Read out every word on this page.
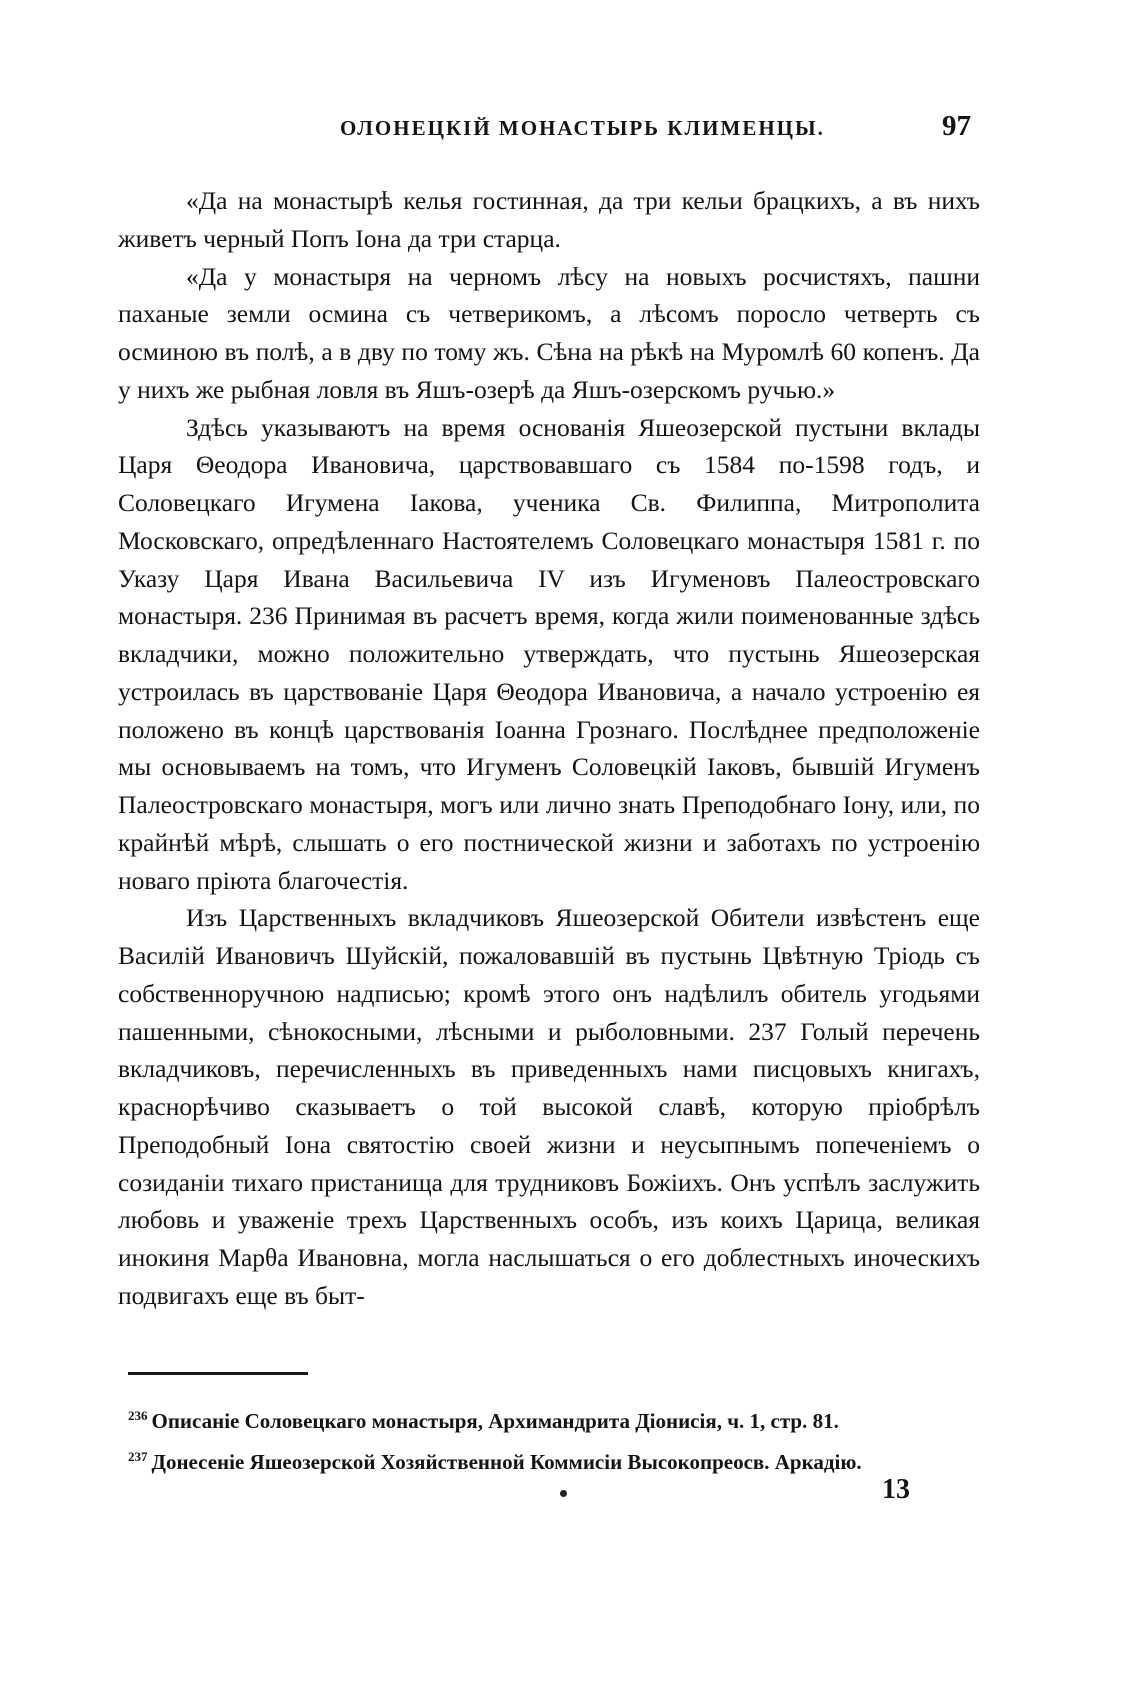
ОЛОНЕЦКІЙ МОНАСТЫРЬ КЛИМЕНЦЫ.	97

«Да на монастырѣ келья гостинная, да три кельи брацкихъ, а въ нихъ живетъ черный Попъ Іона да три старца.

«Да у монастыря на черномъ лѣсу на новыхъ росчистяхъ, пашни паханые земли осмина съ четверикомъ, а лѣсомъ поросло четверть съ осминою въ полѣ, а в дву по тому жъ. Сѣна на рѣкѣ на Муромлѣ 60 копенъ. Да у нихъ же рыбная ловля въ Яшъ-озерѣ да Яшъ-озерскомъ ручью.»

Здѣсь указываютъ на время основанія Яшеозерской пустыни вклады Царя Θеодора Ивановича, царствовавшаго съ 1584 по-1598 годъ, и Соловецкаго Игумена Іакова, ученика Св. Филиппа, Митрополита Московскаго, опредѣленнаго Настоятелемъ Соловецкаго монастыря 1581 г. по Указу Царя Ивана Васильевича IV изъ Игуменовъ Палеостровскаго монастыря. 236 Принимая въ расчетъ время, когда жили поименованные здѣсь вкладчики, можно положительно утверждать, что пустынь Яшеозерская устроилась въ царствованіе Царя Θеодора Ивановича, а начало устроенію ея положено въ концѣ царствованія Іоанна Грознаго. Послѣднее предположеніе мы основываемъ на томъ, что Игуменъ Соловецкій Іаковъ, бывшій Игуменъ Палеостровскаго монастыря, могъ или лично знать Преподобнаго Іону, или, по крайнѣй мѣрѣ, слышать о его постнической жизни и заботахъ по устроенію новаго пріюта благочестія.

Изъ Царственныхъ вкладчиковъ Яшеозерской Обители извѣстенъ еще Василій Ивановичъ Шуйскій, пожаловавшій въ пустынь Цвѣтную Тріодь съ собственноручною надписью; кромѣ этого онъ надѣлилъ обитель угодьями пашенными, сѣнокосными, лѣсными и рыболовными. 237 Голый перечень вкладчиковъ, перечисленныхъ въ приведенныхъ нами писцовыхъ книгахъ, краснорѣчиво сказываетъ о той высокой славѣ, которую пріобрѣлъ Преподобный Іона святостію своей жизни и неусыпнымъ попеченіемъ о созиданіи тихаго пристанища для трудниковъ Божіихъ. Онъ успѣлъ заслужить любовь и уваженіе трехъ Царственныхъ особъ, изъ коихъ Царица, великая инокиня Марθа Ивановна, могла наслышаться о его доблестныхъ иноческихъ подвигахъ еще въ быт-

$^{236}$ Описаніе Соловецкаго монастыря, Архимандрита Діонисія, ч. 1, стр. 81.

$^{237}$ Донесеніе Яшеозерской Хозяйственной Коммисіи Высокопреосв. Аркадію.

13
